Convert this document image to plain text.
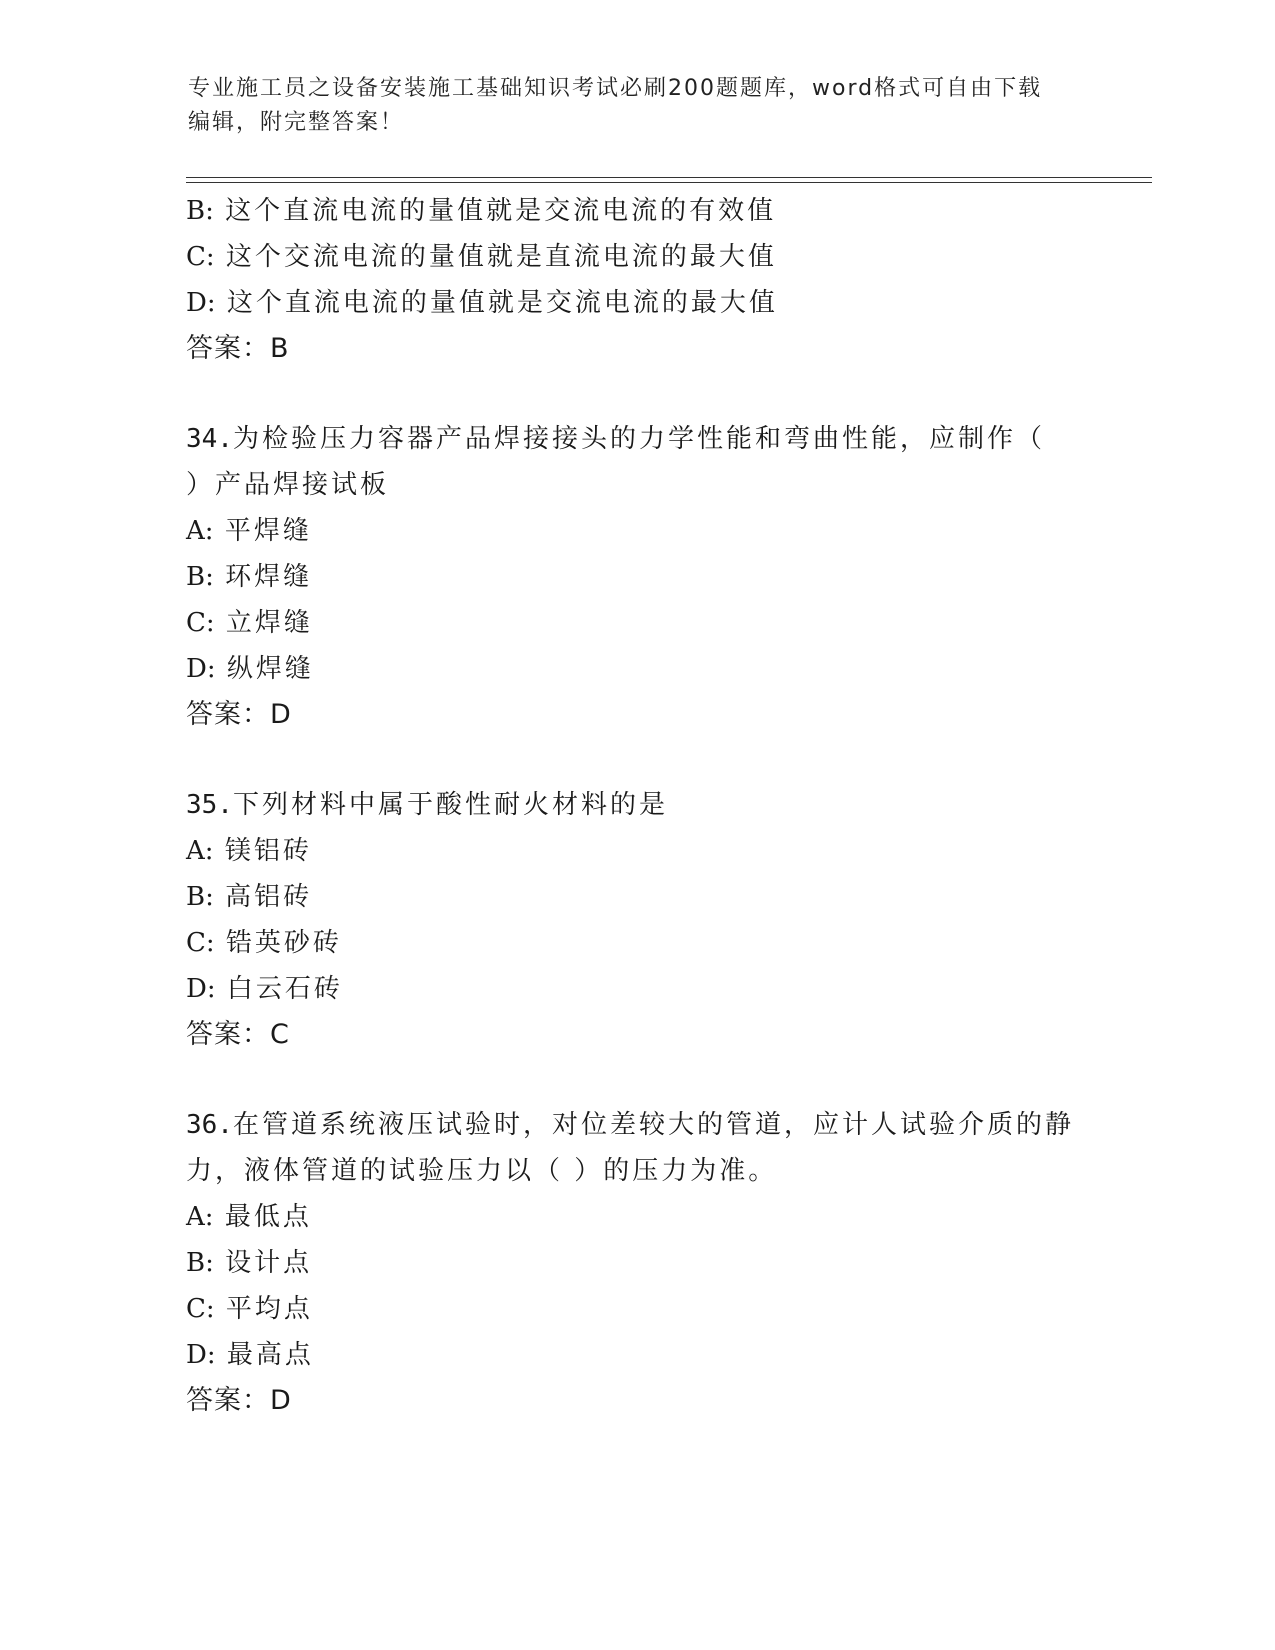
专业施工员之设备安装施工基础知识考试必刷200题题库，word格式可自由下载
编辑，附完整答案！
B: 这个直流电流的量值就是交流电流的有效值
C: 这个交流电流的量值就是直流电流的最大值
D: 这个直流电流的量值就是交流电流的最大值
答案：B
34.为检验压力容器产品焊接接头的力学性能和弯曲性能，应制作（
）产品焊接试板
A: 平焊缝
B: 环焊缝
C: 立焊缝
D: 纵焊缝
答案：D
35.下列材料中属于酸性耐火材料的是
A: 镁铝砖
B: 高铝砖
C: 锆英砂砖
D: 白云石砖
答案：C
36.在管道系统液压试验时，对位差较大的管道，应计人试验介质的静
力，液体管道的试验压力以（ ）的压力为准。
A: 最低点
B: 设计点
C: 平均点
D: 最高点
答案：D
